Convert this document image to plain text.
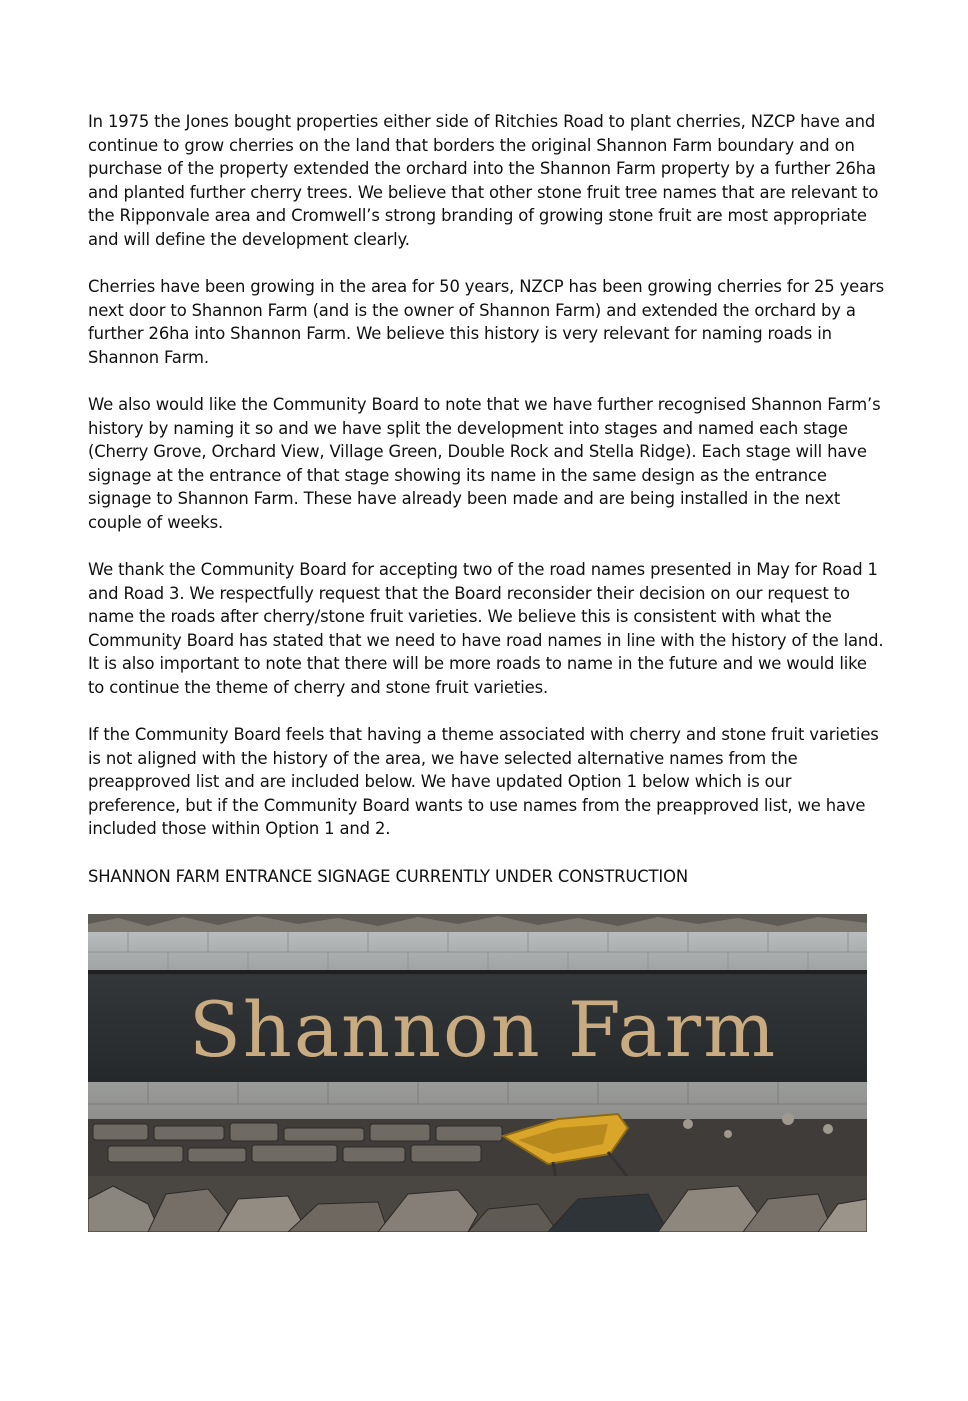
In 1975 the Jones bought properties either side of Ritchies Road to plant cherries, NZCP have and continue to grow cherries on the land that borders the original Shannon Farm boundary and on purchase of the property extended the orchard into the Shannon Farm property by a further 26ha and planted further cherry trees. We believe that other stone fruit tree names that are relevant to the Ripponvale area and Cromwell’s strong branding of growing stone fruit are most appropriate and will define the development clearly.

Cherries have been growing in the area for 50 years, NZCP has been growing cherries for 25 years next door to Shannon Farm (and is the owner of Shannon Farm) and extended the orchard by a further 26ha into Shannon Farm. We believe this history is very relevant for naming roads in Shannon Farm.

We also would like the Community Board to note that we have further recognised Shannon Farm’s history by naming it so and we have split the development into stages and named each stage (Cherry Grove, Orchard View, Village Green, Double Rock and Stella Ridge). Each stage will have signage at the entrance of that stage showing its name in the same design as the entrance signage to Shannon Farm. These have already been made and are being installed in the next couple of weeks.

We thank the Community Board for accepting two of the road names presented in May for Road 1 and Road 3. We respectfully request that the Board reconsider their decision on our request to name the roads after cherry/stone fruit varieties. We believe this is consistent with what the Community Board has stated that we need to have road names in line with the history of the land. It is also important to note that there will be more roads to name in the future and we would like to continue the theme of cherry and stone fruit varieties.

If the Community Board feels that having a theme associated with cherry and stone fruit varieties is not aligned with the history of the area, we have selected alternative names from the preapproved list and are included below. We have updated Option 1 below which is our preference, but if the Community Board wants to use names from the preapproved list, we have included those within Option 1 and 2.

SHANNON FARM ENTRANCE SIGNAGE CURRENTLY UNDER CONSTRUCTION

Shannon Farm
